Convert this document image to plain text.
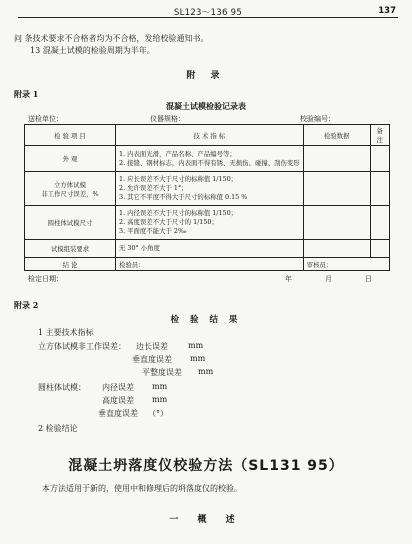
SL123～136 95	137
问 条技术要求不合格者均为不合格，发给校验通知书。
13 混凝土试模的检验周期为半年。
附 录
附录 1
混凝土试模检验记录表
送检单位：	仪器规格：	校验编号：
检 验 项 目	技 术 指 标	检验数据	备 注
外 观	1. 内表面光滑，产品名称、产品编号等；
2. 接缝、钢材标志，内表面不得有锈、无损伤、碰撞、刮伤变形		

立方体试模
非工作尺寸误差，%	1. 应长误差不大于尺寸的标称值 1/150；
2. 允许误差不大于 1°；
3. 其它不平度不得大于尺寸的标称值 0.15 %		

圆柱体试模尺寸	1. 内径误差不大于尺寸的标称值 1/150；
2. 高度误差不大于尺寸的 1/150；
3. 平面度不能大于 2‰		

试模组装要求	无 30° 小角度		

结 论	检验员：	审核员：	
检定日期：	年	月	日
附录 2
检 验 结 果
1 主要技术指标
立方体试模非工作误差： 边长误差	mm
垂直度误差 mm
平整度误差 mm
圆柱体试模： 内径误差 mm
高度误差 mm
垂直度误差 （°）
2 检验结论
混凝土坍落度仪校验方法（SL131 95）
本方法适用于新的，使用中和修理后的坍落度仪的校验。
一 概 述
